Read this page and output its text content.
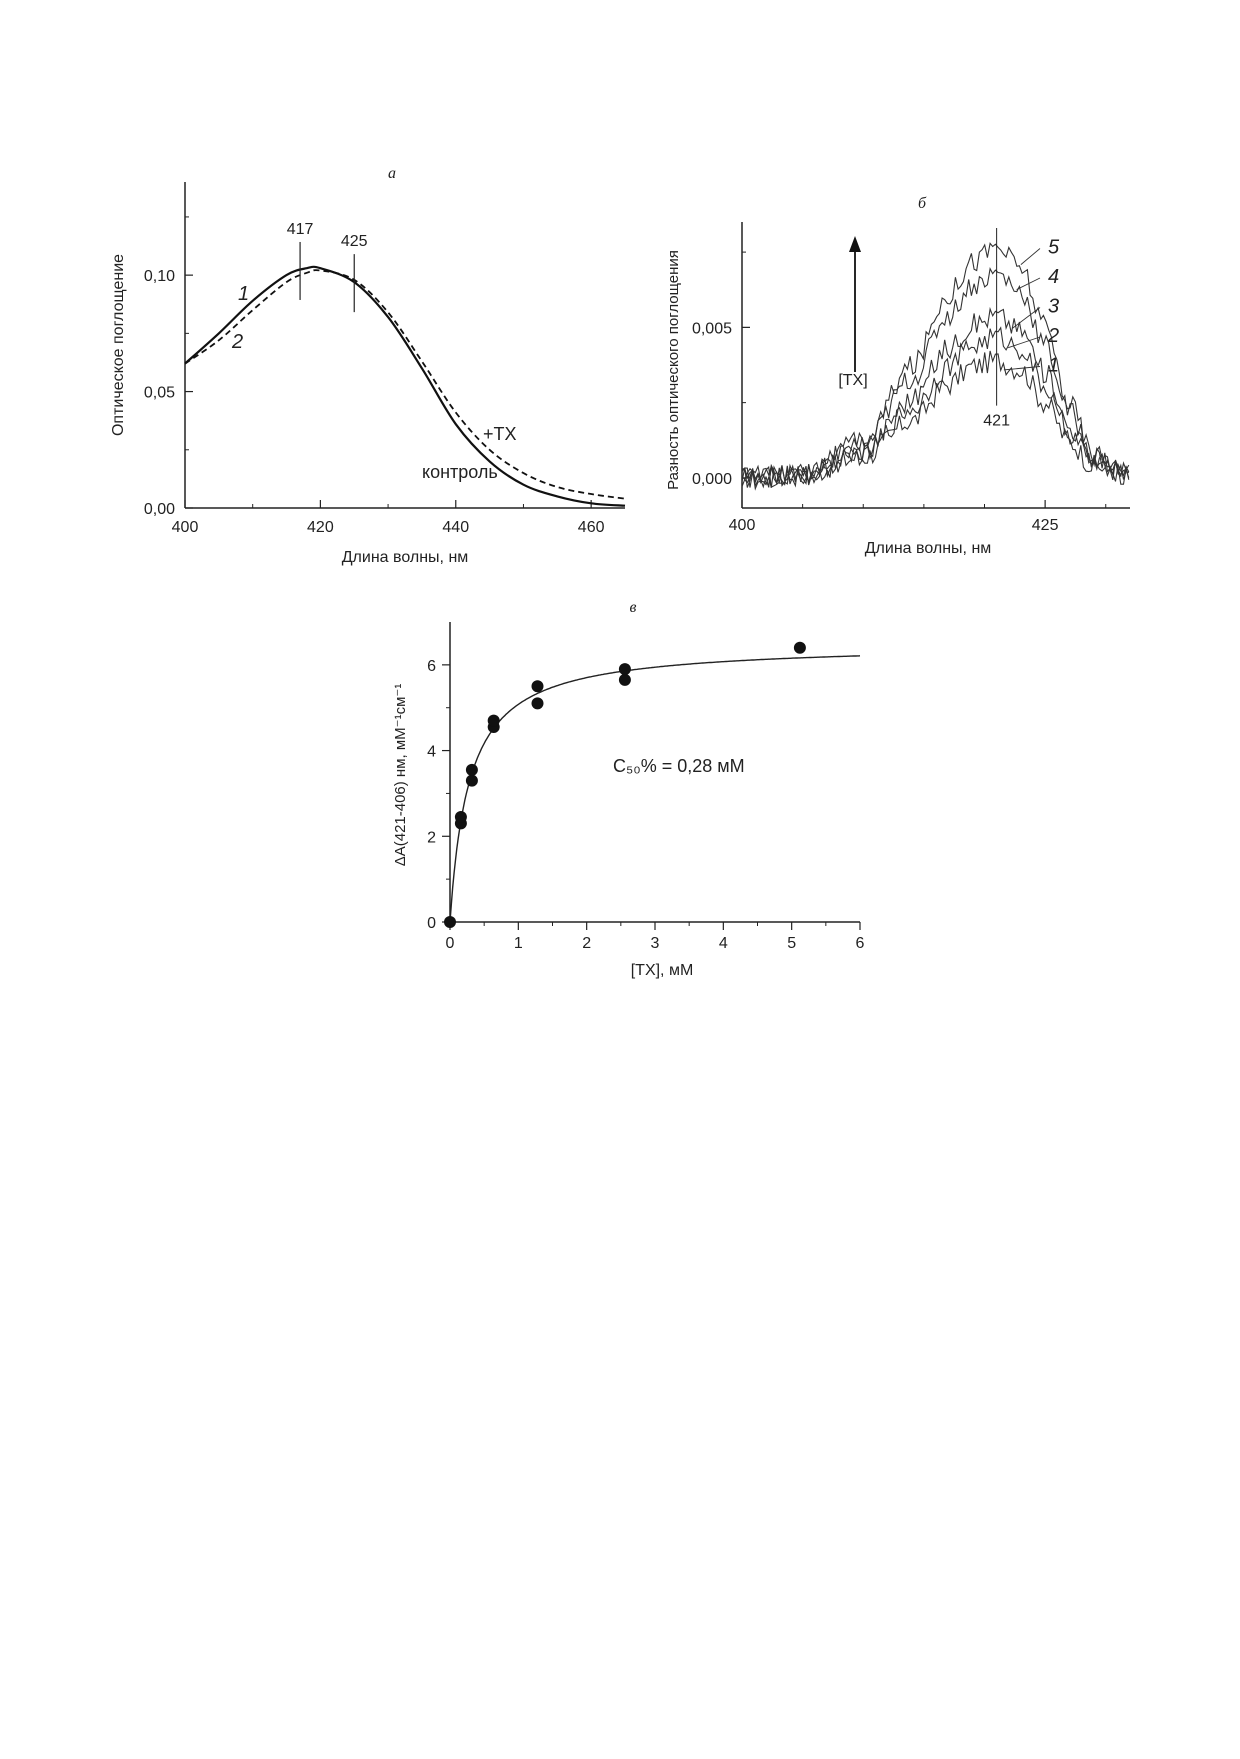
а
400	420	440	460
0,00
0,05
0,10
417
425
1
2
+TX
контроль
Длина волны, нм
Оптическое поглощение
б
400	425
0,000
0,005
421
[TX]
1
2
3
4
5
Длина волны, нм
Разность оптического поглощения
в
0	1	2	3	4	5	6
0
2
4
6
C₅₀% = 0,28 мМ
[TX], мМ
ΔA(421-406) нм, мМ⁻¹см⁻¹
